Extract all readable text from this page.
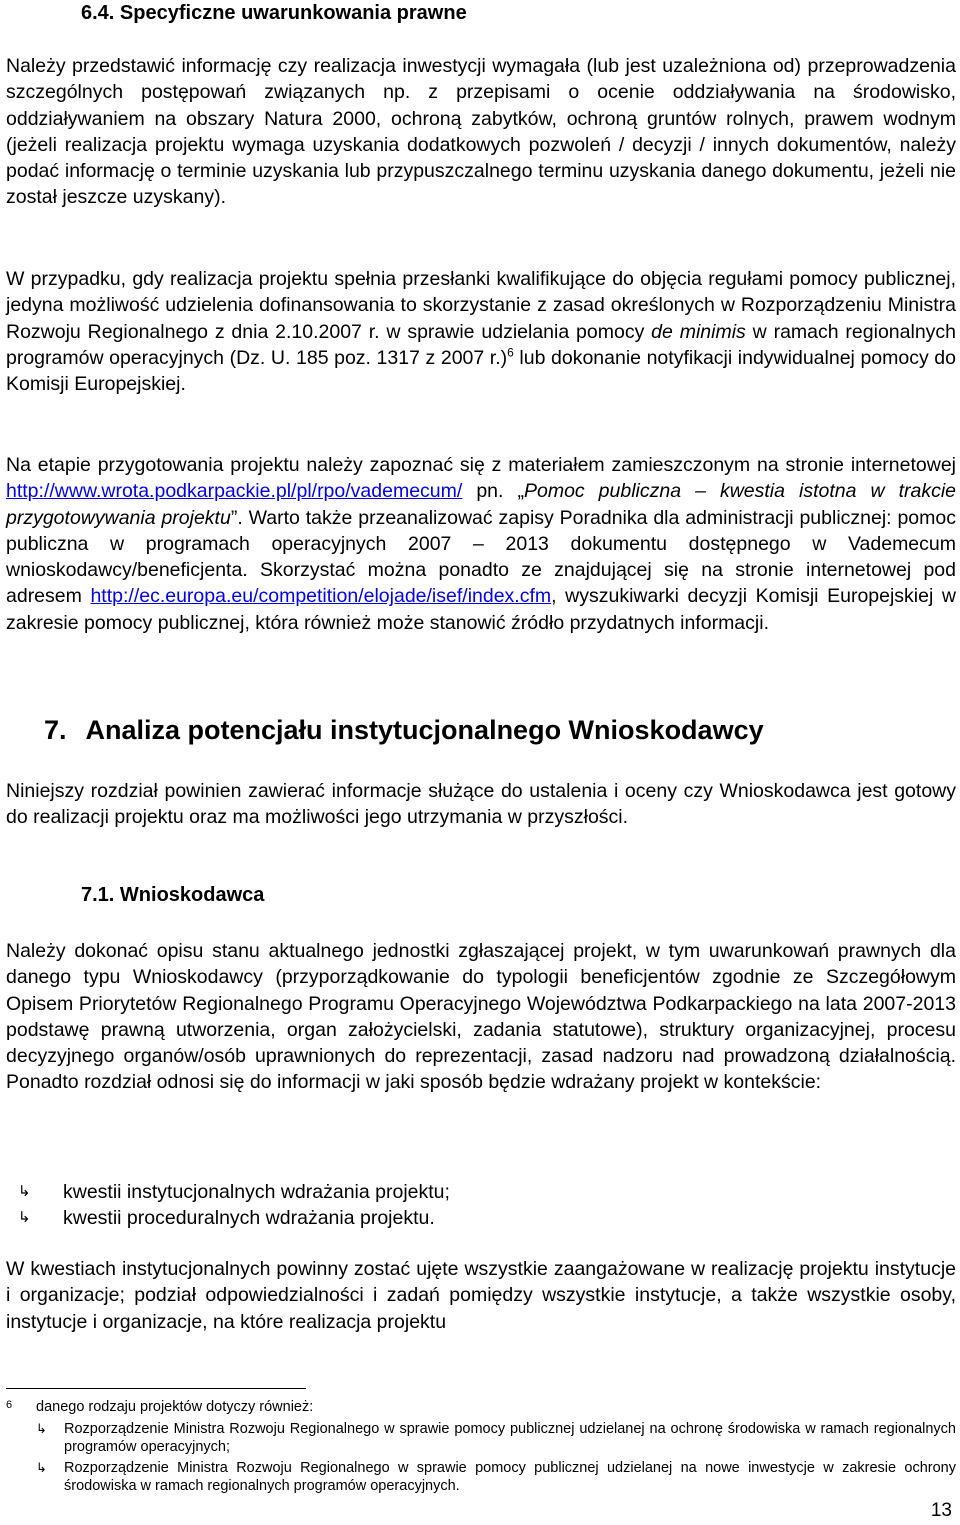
6.4. Specyficzne uwarunkowania prawne

Należy przedstawić informację czy realizacja inwestycji wymagała (lub jest uzależniona od) przeprowadzenia szczególnych postępowań związanych np. z przepisami o ocenie oddziaływania na środowisko, oddziaływaniem na obszary Natura 2000, ochroną zabytków, ochroną gruntów rolnych, prawem wodnym (jeżeli realizacja projektu wymaga uzyskania dodatkowych pozwoleń / decyzji / innych dokumentów, należy podać informację o terminie uzyskania lub przypuszczalnego terminu uzyskania danego dokumentu, jeżeli nie został jeszcze uzyskany).

W przypadku, gdy realizacja projektu spełnia przesłanki kwalifikujące do objęcia regułami pomocy publicznej, jedyna możliwość udzielenia dofinansowania to skorzystanie z zasad określonych w Rozporządzeniu Ministra Rozwoju Regionalnego z dnia 2.10.2007 r. w sprawie udzielania pomocy de minimis w ramach regionalnych programów operacyjnych (Dz. U. 185 poz. 1317 z 2007 r.)$^6$ lub dokonanie notyfikacji indywidualnej pomocy do Komisji Europejskiej.

Na etapie przygotowania projektu należy zapoznać się z materiałem zamieszczonym na stronie internetowej http://www.wrota.podkarpackie.pl/pl/rpo/vademecum/ pn. „Pomoc publiczna – kwestia istotna w trakcie przygotowywania projektu”. Warto także przeanalizować zapisy Poradnika dla administracji publicznej: pomoc publiczna w programach operacyjnych 2007 – 2013 dokumentu dostępnego w Vademecum wnioskodawcy/beneficjenta. Skorzystać można ponadto ze znajdującej się na stronie internetowej pod adresem http://ec.europa.eu/competition/elojade/isef/index.cfm, wyszukiwarki decyzji Komisji Europejskiej w zakresie pomocy publicznej, która również może stanowić źródło przydatnych informacji.

7. Analiza potencjału instytucjonalnego Wnioskodawcy

Niniejszy rozdział powinien zawierać informacje służące do ustalenia i oceny czy Wnioskodawca jest gotowy do realizacji projektu oraz ma możliwości jego utrzymania w przyszłości.

7.1. Wnioskodawca

Należy dokonać opisu stanu aktualnego jednostki zgłaszającej projekt, w tym uwarunkowań prawnych dla danego typu Wnioskodawcy (przyporządkowanie do typologii beneficjentów zgodnie ze Szczegółowym Opisem Priorytetów Regionalnego Programu Operacyjnego Województwa Podkarpackiego na lata 2007-2013 podstawę prawną utworzenia, organ założycielski, zadania statutowe), struktury organizacyjnej, procesu decyzyjnego organów/osób uprawnionych do reprezentacji, zasad nadzoru nad prowadzoną działalnością. Ponadto rozdział odnosi się do informacji w jaki sposób będzie wdrażany projekt w kontekście:

↳ kwestii instytucjonalnych wdrażania projektu;
↳ kwestii proceduralnych wdrażania projektu.

W kwestiach instytucjonalnych powinny zostać ujęte wszystkie zaangażowane w realizację projektu instytucje i organizacje; podział odpowiedzialności i zadań pomiędzy wszystkie instytucje, a także wszystkie osoby, instytucje i organizacje, na które realizacja projektu

6 danego rodzaju projektów dotyczy również:
↳ Rozporządzenie Ministra Rozwoju Regionalnego w sprawie pomocy publicznej udzielanej na ochronę środowiska w ramach regionalnych programów operacyjnych;
↳ Rozporządzenie Ministra Rozwoju Regionalnego w sprawie pomocy publicznej udzielanej na nowe inwestycje w zakresie ochrony środowiska w ramach regionalnych programów operacyjnych.
13
